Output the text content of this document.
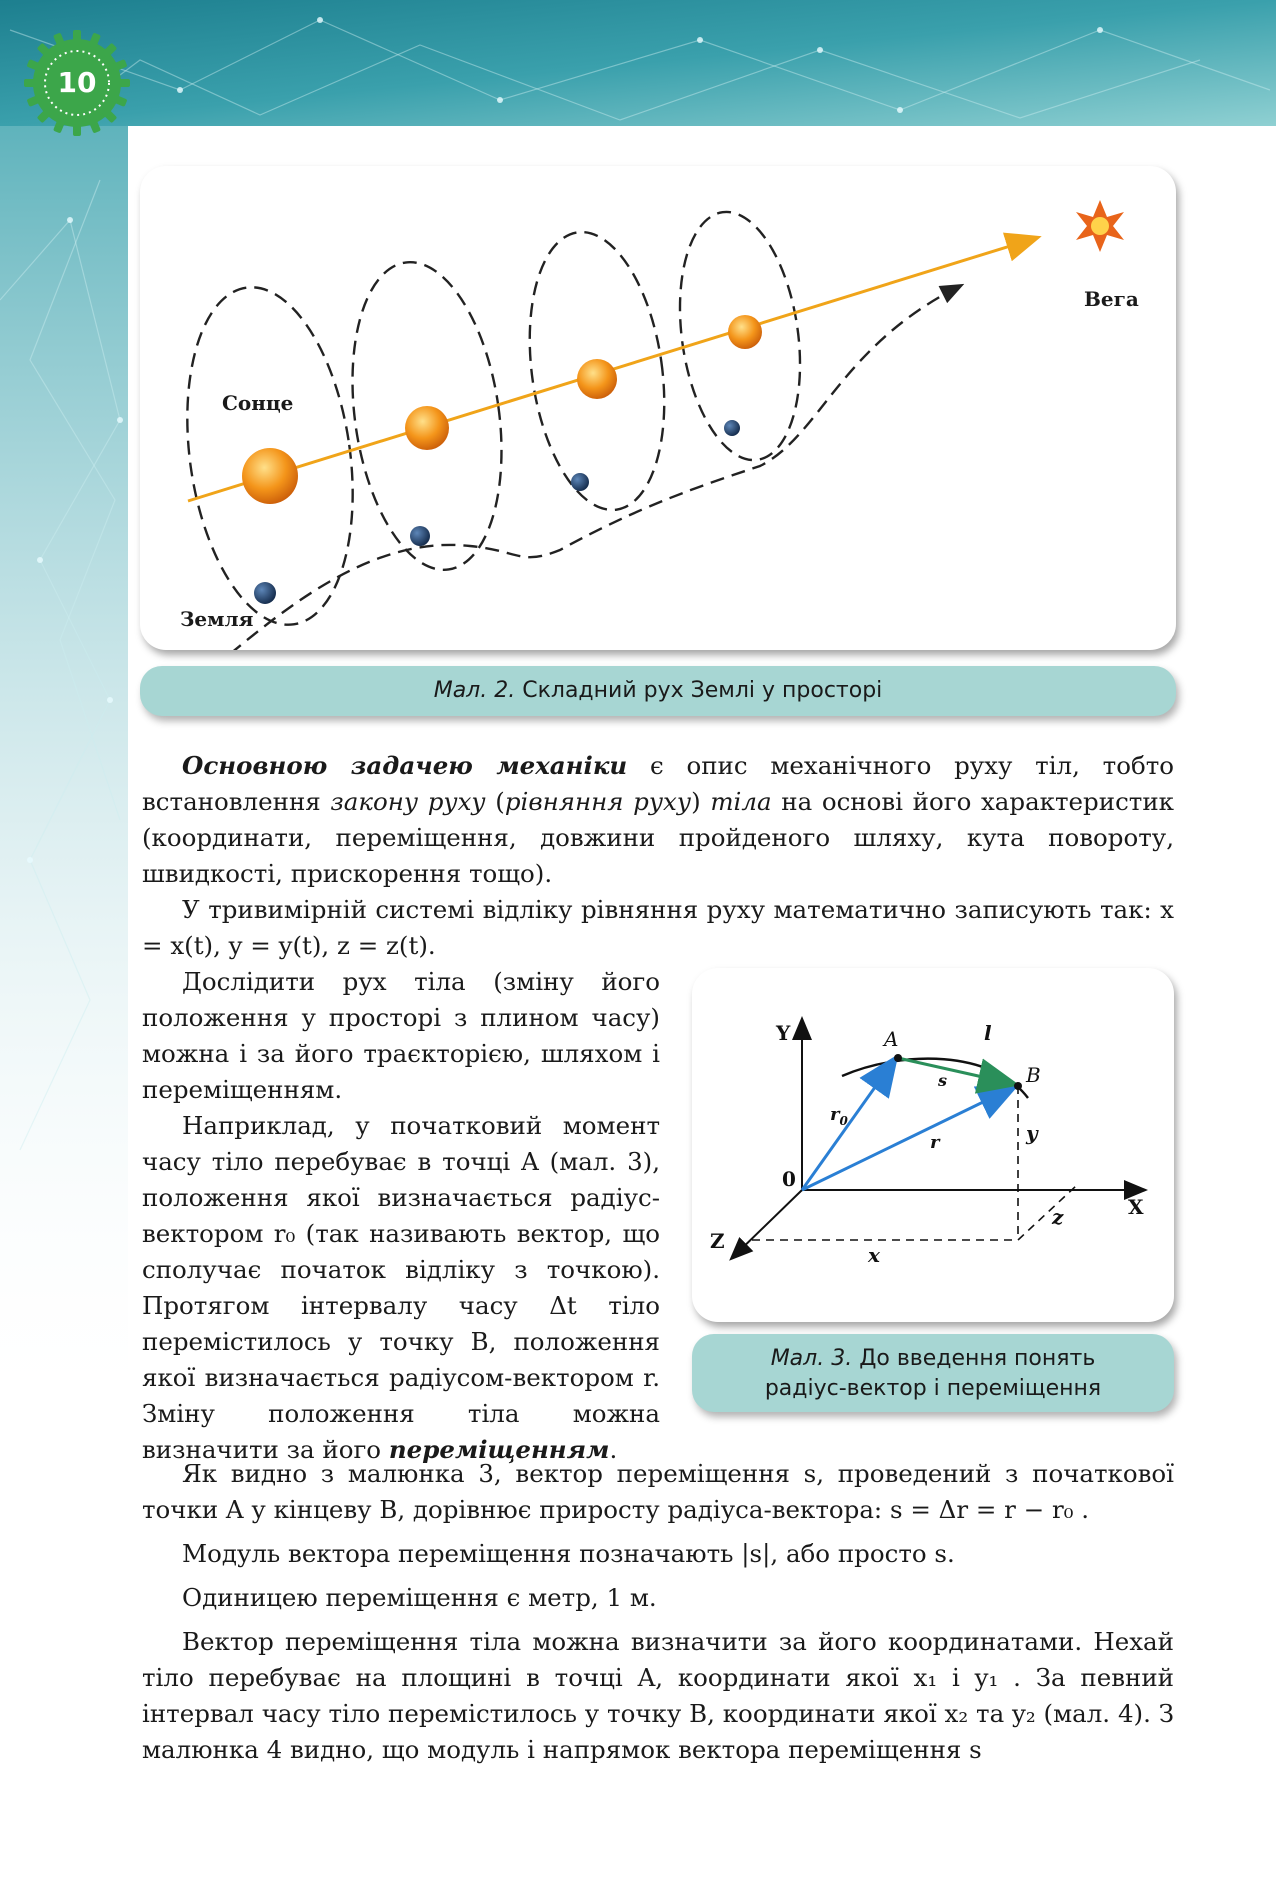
10
Сонце
Вега
Земля
Мал. 2. Складний рух Землі у просторі

Основною задачею механіки є опис механічного руху тіл, тобто встановлення закону руху (рівняння руху) тіла на основі його характеристик (координати, переміщення, довжини пройденого шляху, кута повороту, швидкості, прискорення тощо).

У тривимірній системі відліку рівняння руху математично записують так: x = x(t), y = y(t), z = z(t).

Дослідити рух тіла (зміну його положення у просторі з плином часу) можна і за його траєкторією, шляхом і переміщенням.

Наприклад, у початковий момент часу тіло перебуває в точці A (мал. 3), положення якої визначається радіус-вектором r₀ (так називають вектор, що сполучає початок відліку з точкою). Протягом інтервалу часу Δt тіло перемістилось у точку B, положення якої визначається радіусом-вектором r. Зміну положення тіла можна визначити за його переміщенням.

Y
X
Z
0
A
B
l
$r_0$
r
s
y
x
z
Мал. 3. До введення понять
радіус-вектор і переміщення

Як видно з малюнка 3, вектор переміщення s, проведений з початкової точки A у кінцеву B, дорівнює приросту радіуса-вектора: s = Δr = r − r₀ .

Модуль вектора переміщення позначають |s|, або просто s.

Одиницею переміщення є метр, 1 м.

Вектор переміщення тіла можна визначити за його координатами. Нехай тіло перебуває на площині в точці A, координати якої x₁ і y₁ . За певний інтервал часу тіло перемістилось у точку B, координати якої x₂ та y₂ (мал. 4). З малюнка 4 видно, що модуль і напрямок вектора переміщення s
